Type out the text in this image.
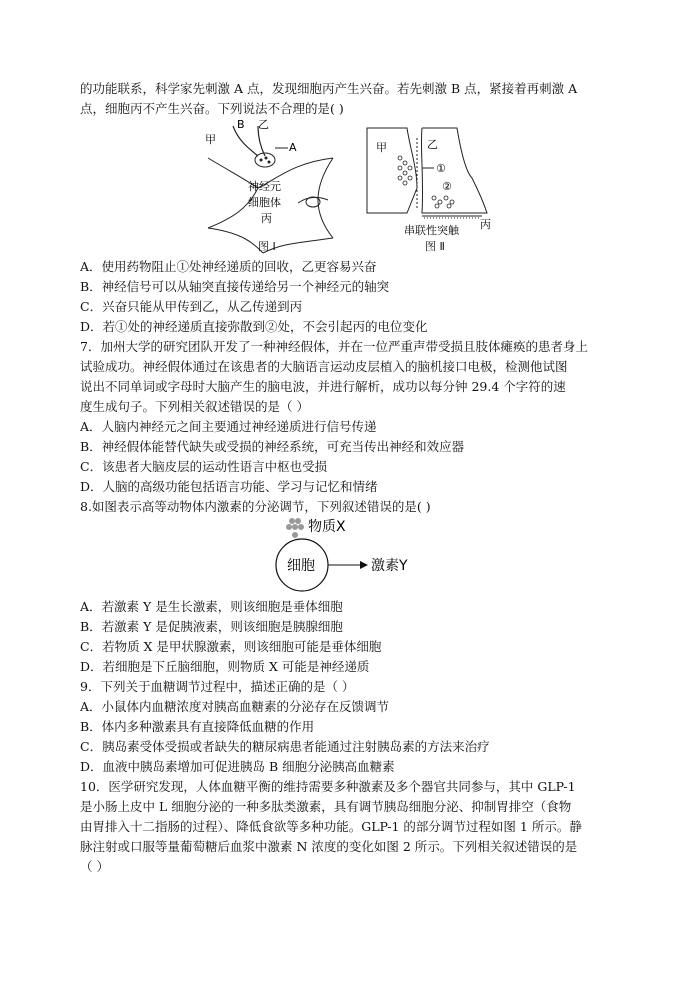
的功能联系，科学家先刺激 A 点，发现细胞丙产生兴奋。若先刺激 B 点，紧接着再刺激 A
点，细胞丙不产生兴奋。下列说法不合理的是( )
B 乙
甲
A
神经元
细胞体
丙
图 Ⅰ
甲	乙
①
②
丙
串联性突触
图 Ⅱ
A．使用药物阻止①处神经递质的回收，乙更容易兴奋
B．神经信号可以从轴突直接传递给另一个神经元的轴突
C．兴奋只能从甲传到乙，从乙传递到丙
D．若①处的神经递质直接弥散到②处，不会引起丙的电位变化
7．加州大学的研究团队开发了一种神经假体，并在一位严重声带受损且肢体瘫痪的患者身上
试验成功。神经假体通过在该患者的大脑语言运动皮层植入的脑机接口电极，检测他试图
说出不同单词或字母时大脑产生的脑电波，并进行解析，成功以每分钟 29.4 个字符的速
度生成句子。下列相关叙述错误的是（ ）
A．人脑内神经元之间主要通过神经递质进行信号传递
B．神经假体能替代缺失或受损的神经系统，可充当传出神经和效应器
C．该患者大脑皮层的运动性语言中枢也受损
D．人脑的高级功能包括语言功能、学习与记忆和情绪
8.如图表示高等动物体内激素的分泌调节，下列叙述错误的是( )
物质X
细胞	激素Y
A．若激素 Y 是生长激素，则该细胞是垂体细胞
B．若激素 Y 是促胰液素，则该细胞是胰腺细胞
C．若物质 X 是甲状腺激素，则该细胞可能是垂体细胞
D．若细胞是下丘脑细胞，则物质 X 可能是神经递质
9．下列关于血糖调节过程中，描述正确的是（ ）
A．小鼠体内血糖浓度对胰高血糖素的分泌存在反馈调节
B．体内多种激素具有直接降低血糖的作用
C．胰岛素受体受损或者缺失的糖尿病患者能通过注射胰岛素的方法来治疗
D．血液中胰岛素增加可促进胰岛 B 细胞分泌胰高血糖素
10．医学研究发现，人体血糖平衡的维持需要多种激素及多个器官共同参与，其中 GLP-1
是小肠上皮中 L 细胞分泌的一种多肽类激素，具有调节胰岛细胞分泌、抑制胃排空（食物
由胃排入十二指肠的过程）、降低食欲等多种功能。GLP-1 的部分调节过程如图 1 所示。静
脉注射或口服等量葡萄糖后血浆中激素 N 浓度的变化如图 2 所示。下列相关叙述错误的是
（ ）
